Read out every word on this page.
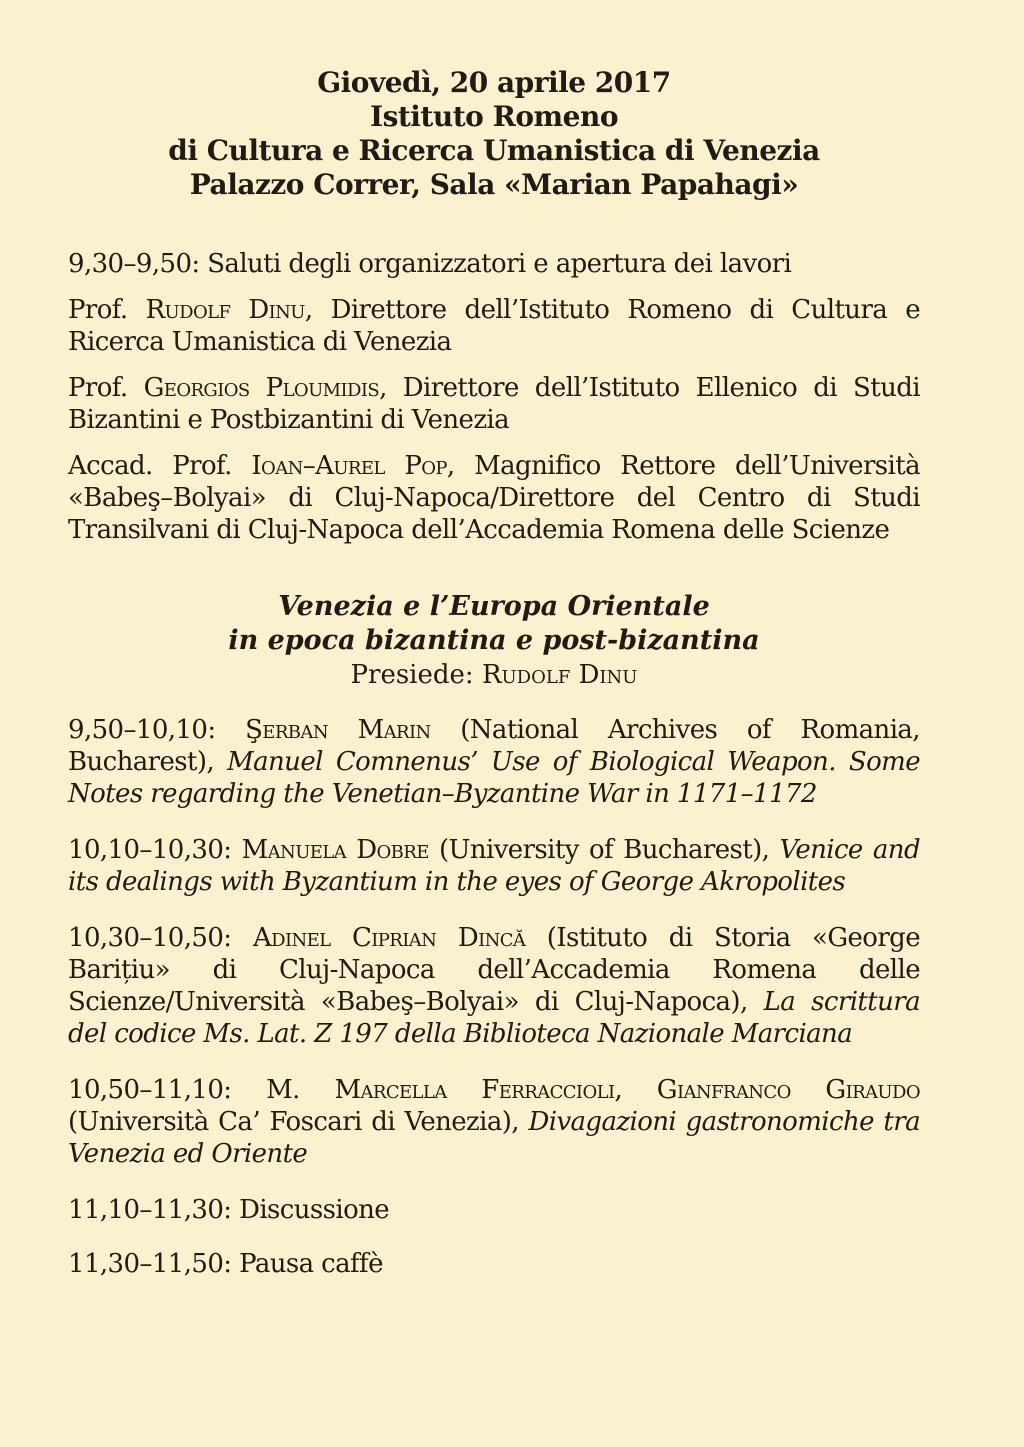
Giovedì, 20 aprile 2017
Istituto Romeno
di Cultura e Ricerca Umanistica di Venezia
Palazzo Correr, Sala «Marian Papahagi»

9,30–9,50: Saluti degli organizzatori e apertura dei lavori

Prof. Rudolf Dinu, Direttore dell’Istituto Romeno di Cultura e Ricerca Umanistica di Venezia

Prof. Georgios Ploumidis, Direttore dell’Istituto Ellenico di Studi Bizantini e Postbizantini di Venezia

Accad. Prof. Ioan–Aurel Pop, Magnifico Rettore dell’Università «Babeş–Bolyai» di Cluj-Napoca/Direttore del Centro di Studi Transilvani di Cluj-Napoca dell’Accademia Romena delle Scienze

Venezia e l’Europa Orientale
in epoca bizantina e post-bizantina
Presiede: Rudolf Dinu

9,50–10,10: Şerban Marin (National Archives of Romania, Bucharest), Manuel Comnenus’ Use of Biological Weapon. Some Notes regarding the Venetian–Byzantine War in 1171–1172

10,10–10,30: Manuela Dobre (University of Bucharest), Venice and its dealings with Byzantium in the eyes of George Akropolites

10,30–10,50: Adinel Ciprian Dincă (Istituto di Storia «George Barițiu» di Cluj-Napoca dell’Accademia Romena delle Scienze/Università «Babeş–Bolyai» di Cluj-Napoca), La scrittura del codice Ms. Lat. Z 197 della Biblioteca Nazionale Marciana

10,50–11,10: M. Marcella Ferraccioli, Gianfranco Giraudo (Università Ca’ Foscari di Venezia), Divagazioni gastronomiche tra Venezia ed Oriente

11,10–11,30: Discussione

11,30–11,50: Pausa caffè
